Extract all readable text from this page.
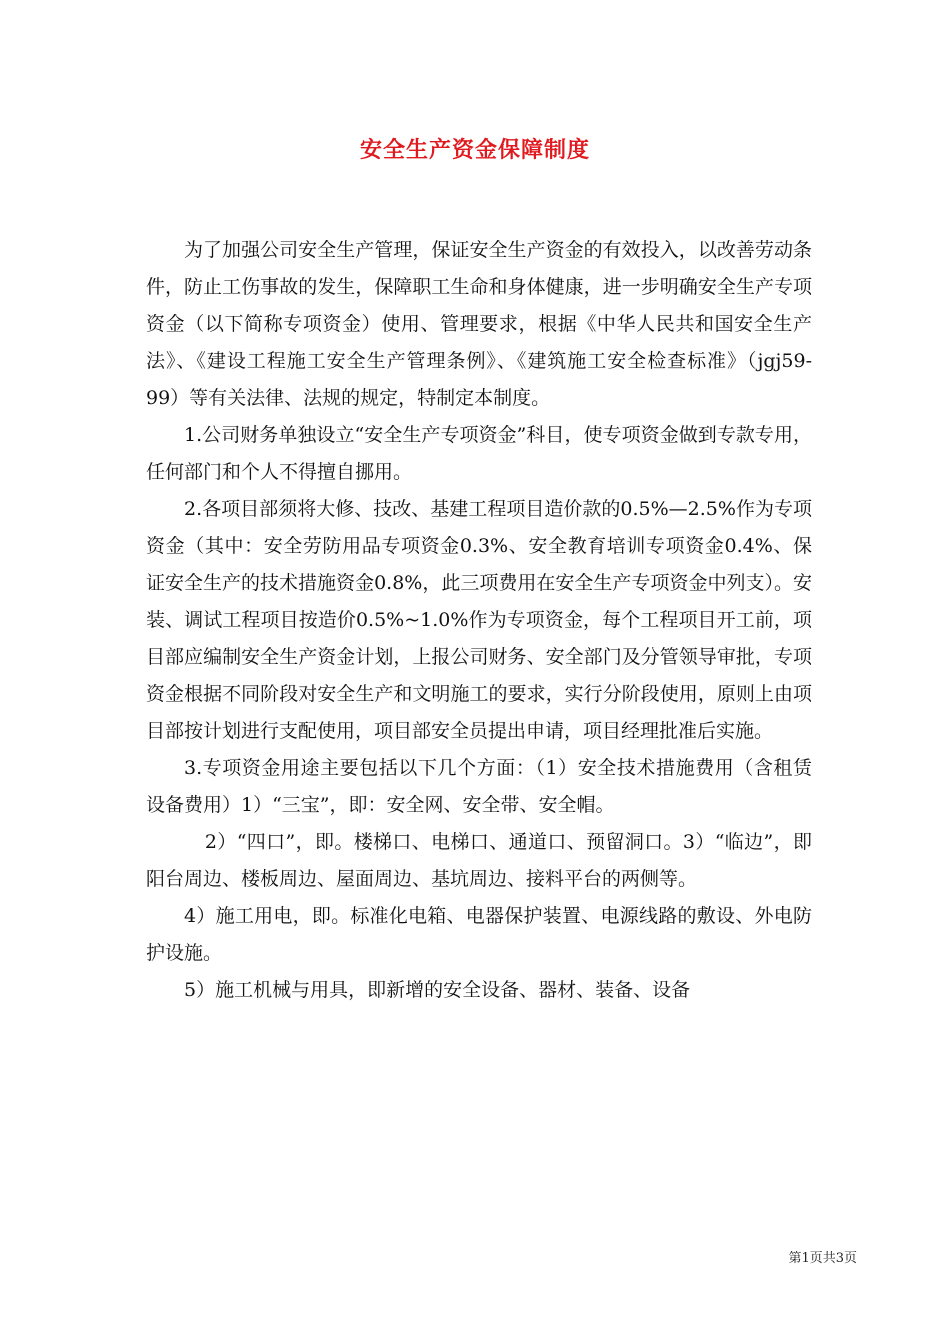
安全生产资金保障制度

为了加强公司安全生产管理，保证安全生产资金的有效投入，以改善劳动条件，防止工伤事故的发生，保障职工生命和身体健康，进一步明确安全生产专项资金（以下简称专项资金）使用、管理要求，根据《中华人民共和国安全生产法》、《建设工程施工安全生产管理条例》、《建筑施工安全检查标准》（jgj59-99）等有关法律、法规的规定，特制定本制度。

1.公司财务单独设立“安全生产专项资金”科目，使专项资金做到专款专用，任何部门和个人不得擅自挪用。

2.各项目部须将大修、技改、基建工程项目造价款的0.5%—2.5%作为专项资金（其中：安全劳防用品专项资金0.3%、安全教育培训专项资金0.4%、保证安全生产的技术措施资金0.8%，此三项费用在安全生产专项资金中列支）。安装、调试工程项目按造价0.5%~1.0%作为专项资金，每个工程项目开工前，项目部应编制安全生产资金计划，上报公司财务、安全部门及分管领导审批，专项资金根据不同阶段对安全生产和文明施工的要求，实行分阶段使用，原则上由项目部按计划进行支配使用，项目部安全员提出申请，项目经理批准后实施。

3.专项资金用途主要包括以下几个方面：（1）安全技术措施费用（含租赁设备费用）1）“三宝”，即：安全网、安全带、安全帽。

2）“四口”，即。楼梯口、电梯口、通道口、预留洞口。3）“临边”，即阳台周边、楼板周边、屋面周边、基坑周边、接料平台的两侧等。

4）施工用电，即。标准化电箱、电器保护装置、电源线路的敷设、外电防护设施。

5）施工机械与用具，即新增的安全设备、器材、装备、设备

第1页共3页
